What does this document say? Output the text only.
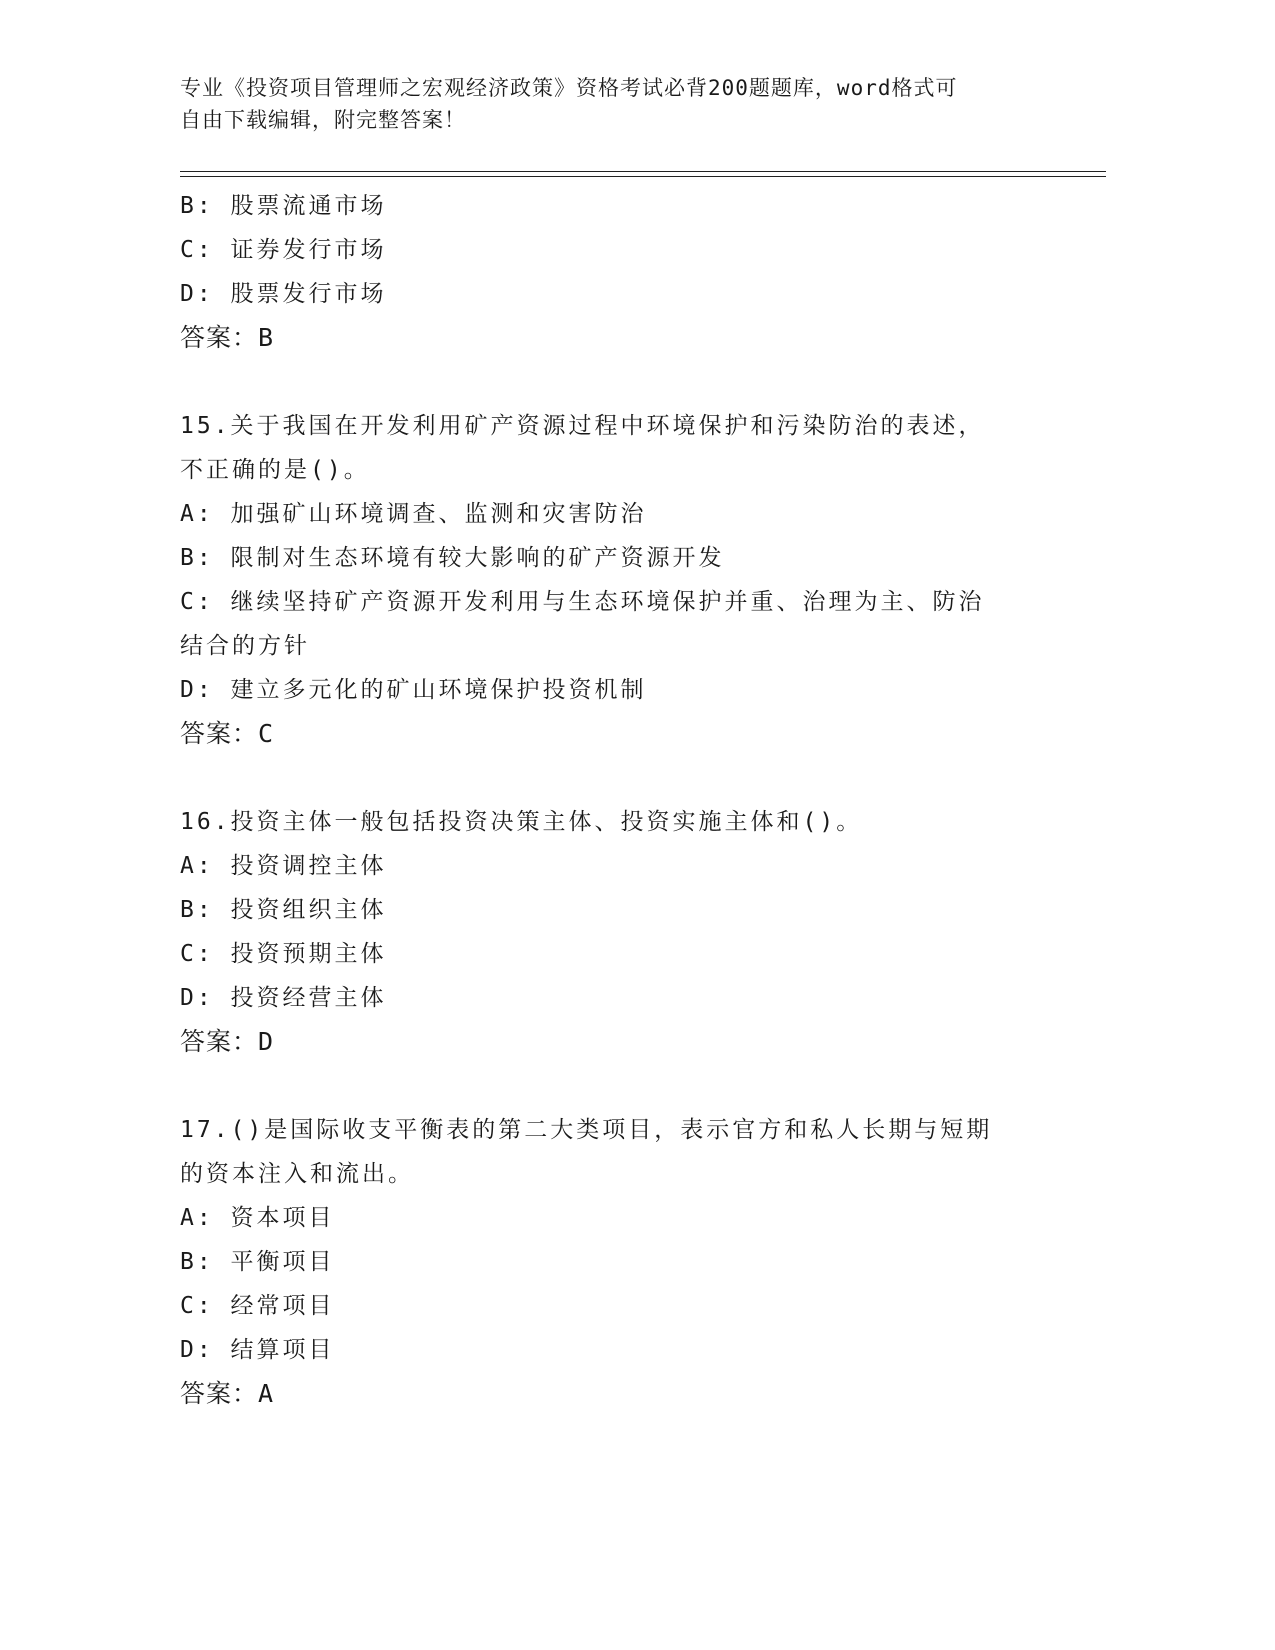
专业《投资项目管理师之宏观经济政策》资格考试必背200题题库，word格式可
自由下载编辑，附完整答案！
B: 股票流通市场
C: 证券发行市场
D: 股票发行市场
答案：B
15.关于我国在开发利用矿产资源过程中环境保护和污染防治的表述，
不正确的是()。
A: 加强矿山环境调查、监测和灾害防治
B: 限制对生态环境有较大影响的矿产资源开发
C: 继续坚持矿产资源开发利用与生态环境保护并重、治理为主、防治
结合的方针
D: 建立多元化的矿山环境保护投资机制
答案：C
16.投资主体一般包括投资决策主体、投资实施主体和()。
A: 投资调控主体
B: 投资组织主体
C: 投资预期主体
D: 投资经营主体
答案：D
17.()是国际收支平衡表的第二大类项目，表示官方和私人长期与短期
的资本注入和流出。
A: 资本项目
B: 平衡项目
C: 经常项目
D: 结算项目
答案：A
